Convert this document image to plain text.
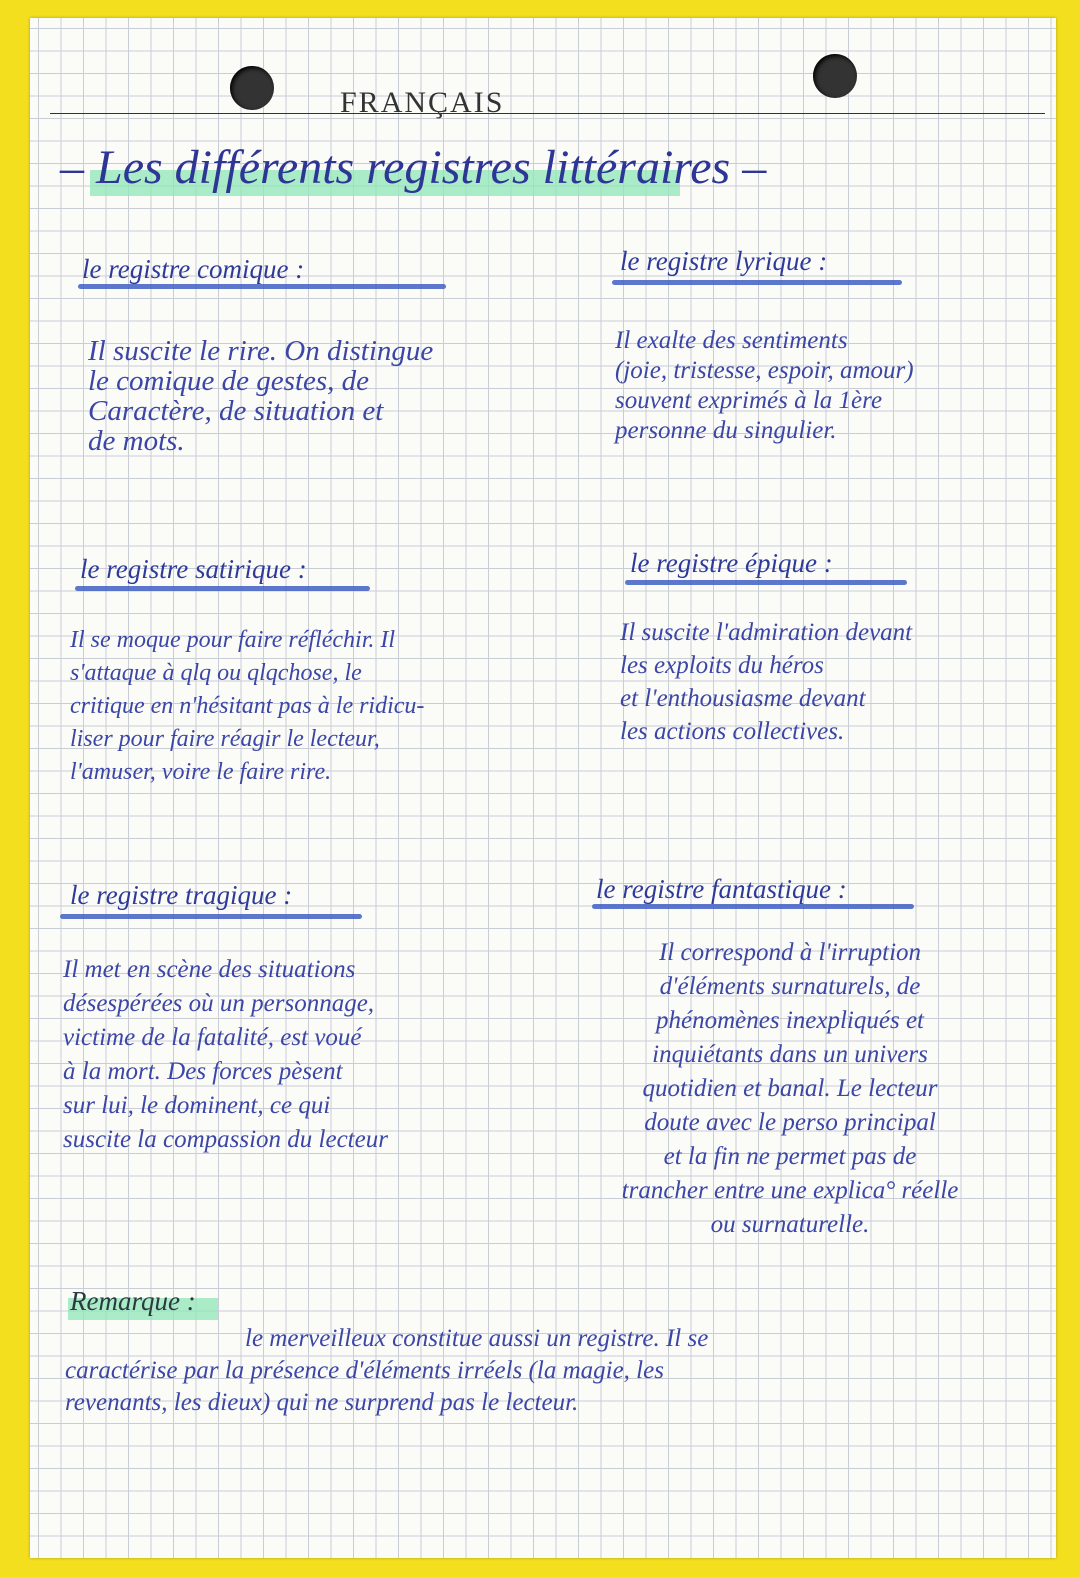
FRANÇAIS
– Les différents registres littéraires –
le registre comique :
Il suscite le rire. On distingue
le comique de gestes, de
Caractère, de situation et
de mots.
le registre lyrique :
Il exalte des sentiments
(joie, tristesse, espoir, amour)
souvent exprimés à la 1ère
personne du singulier.
le registre satirique :
Il se moque pour faire réfléchir. Il
s'attaque à qlq ou qlqchose, le
critique en n'hésitant pas à le ridicu-
liser pour faire réagir le lecteur,
l'amuser, voire le faire rire.
le registre épique :
Il suscite l'admiration devant
les exploits du héros
et l'enthousiasme devant
les actions collectives.
le registre tragique :
Il met en scène des situations
désespérées où un personnage,
victime de la fatalité, est voué
à la mort. Des forces pèsent
sur lui, le dominent, ce qui
suscite la compassion du lecteur
le registre fantastique :
Il correspond à l'irruption
d'éléments surnaturels, de
phénomènes inexpliqués et
inquiétants dans un univers
quotidien et banal. Le lecteur
doute avec le perso principal
et la fin ne permet pas de
trancher entre une explica° réelle
ou surnaturelle.
Remarque :
le merveilleux constitue aussi un registre. Il se
caractérise par la présence d'éléments irréels (la magie, les
revenants, les dieux) qui ne surprend pas le lecteur.
